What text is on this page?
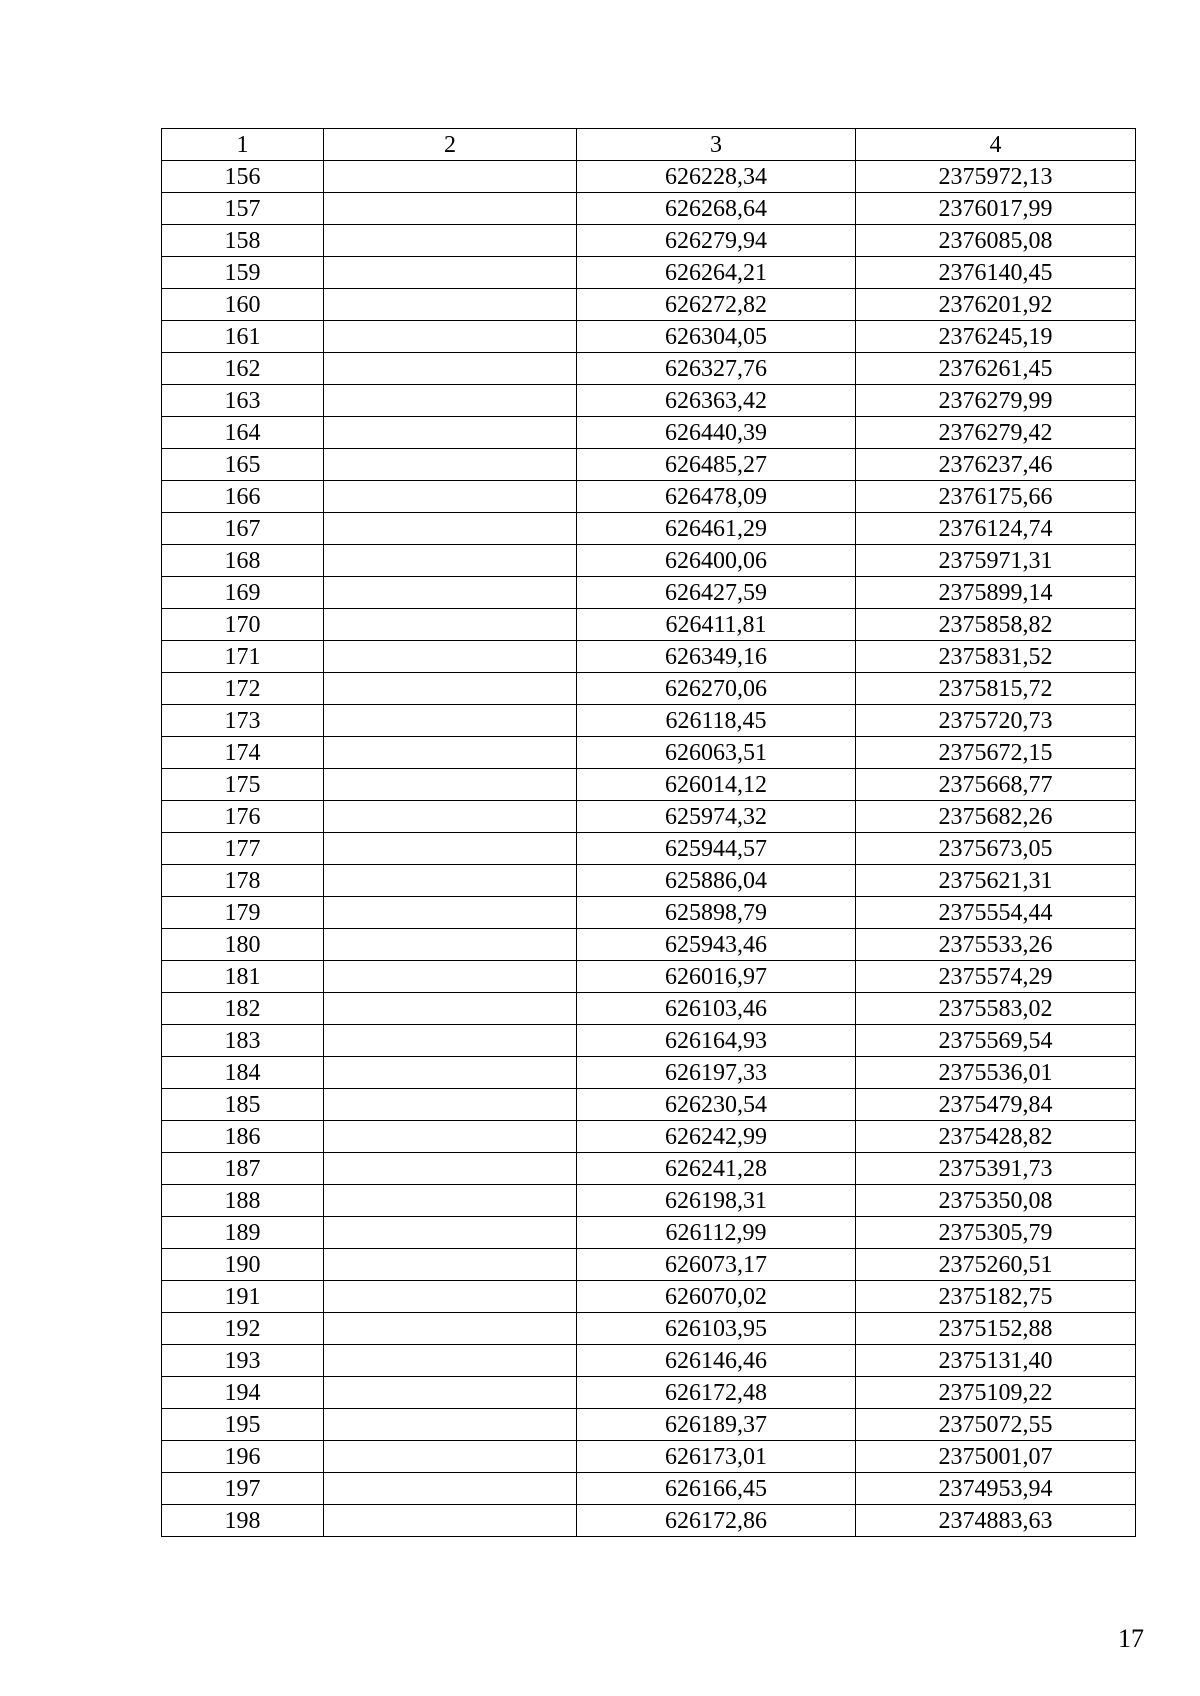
1	2	3	4
156		626228,34	2375972,13
157		626268,64	2376017,99
158		626279,94	2376085,08
159		626264,21	2376140,45
160		626272,82	2376201,92
161		626304,05	2376245,19
162		626327,76	2376261,45
163		626363,42	2376279,99
164		626440,39	2376279,42
165		626485,27	2376237,46
166		626478,09	2376175,66
167		626461,29	2376124,74
168		626400,06	2375971,31
169		626427,59	2375899,14
170		626411,81	2375858,82
171		626349,16	2375831,52
172		626270,06	2375815,72
173		626118,45	2375720,73
174		626063,51	2375672,15
175		626014,12	2375668,77
176		625974,32	2375682,26
177		625944,57	2375673,05
178		625886,04	2375621,31
179		625898,79	2375554,44
180		625943,46	2375533,26
181		626016,97	2375574,29
182		626103,46	2375583,02
183		626164,93	2375569,54
184		626197,33	2375536,01
185		626230,54	2375479,84
186		626242,99	2375428,82
187		626241,28	2375391,73
188		626198,31	2375350,08
189		626112,99	2375305,79
190		626073,17	2375260,51
191		626070,02	2375182,75
192		626103,95	2375152,88
193		626146,46	2375131,40
194		626172,48	2375109,22
195		626189,37	2375072,55
196		626173,01	2375001,07
197		626166,45	2374953,94
198		626172,86	2374883,63
17
